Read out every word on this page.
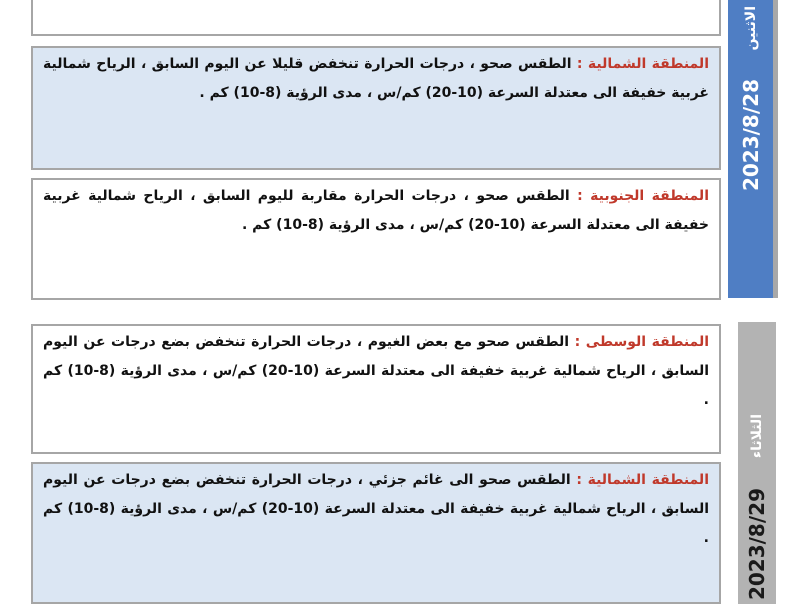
المنطقة الشمالية : الطقس صحو ، درجات الحرارة تنخفض قليلا عن اليوم السابق ، الرياح شمالية غربية خفيفة الى معتدلة السرعة (10-20) كم/س ، مدى الرؤية (8-10) كم .
المنطقة الجنوبية : الطقس صحو ، درجات الحرارة مقاربة لليوم السابق ، الرياح شمالية غربية خفيفة الى معتدلة السرعة (10-20) كم/س ، مدى الرؤية (8-10) كم .
الاثنين
2023/8/28
المنطقة الوسطى : الطقس صحو مع بعض الغيوم ، درجات الحرارة تنخفض بضع درجات عن اليوم السابق ، الرياح شمالية غربية خفيفة الى معتدلة السرعة (10-20) كم/س ، مدى الرؤية (8-10) كم .
المنطقة الشمالية : الطقس صحو الى غائم جزئي ، درجات الحرارة تنخفض بضع درجات عن اليوم السابق ، الرياح شمالية غربية خفيفة الى معتدلة السرعة (10-20) كم/س ، مدى الرؤية (8-10) كم .
الثلاثاء
2023/8/29
